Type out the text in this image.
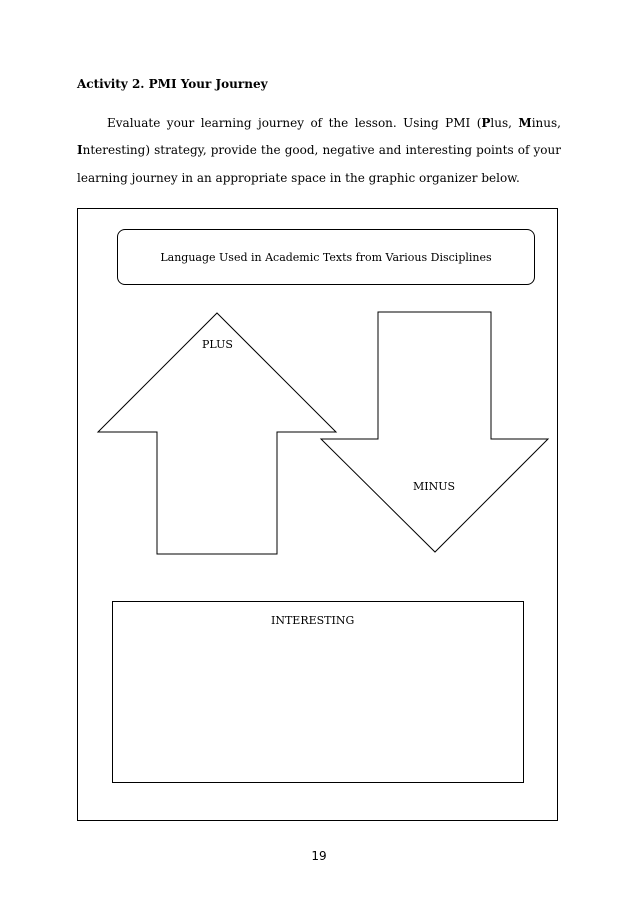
Activity 2. PMI Your Journey
Evaluate your learning journey of the lesson. Using PMI (Plus, Minus,
Interesting) strategy, provide the good, negative and interesting points of your
learning journey in an appropriate space in the graphic organizer below.
Language Used in Academic Texts from Various Disciplines
PLUS
MINUS
INTERESTING
19
